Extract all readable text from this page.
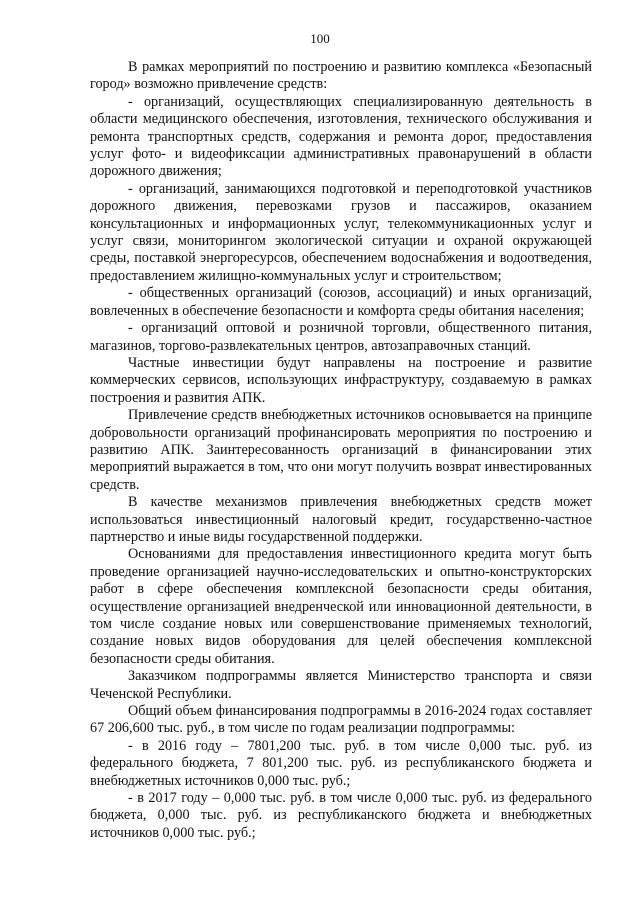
100

В рамках мероприятий по построению и развитию комплекса «Безопасный город» возможно привлечение средств:

- организаций, осуществляющих специализированную деятельность в области медицинского обеспечения, изготовления, технического обслуживания и ремонта транспортных средств, содержания и ремонта дорог, предоставления услуг фото- и видеофиксации административных правонарушений в области дорожного движения;

- организаций, занимающихся подготовкой и переподготовкой участников дорожного движения, перевозками грузов и пассажиров, оказанием консультационных и информационных услуг, телекоммуникационных услуг и услуг связи, мониторингом экологической ситуации и охраной окружающей среды, поставкой энергоресурсов, обеспечением водоснабжения и водоотведения, предоставлением жилищно-коммунальных услуг и строительством;

- общественных организаций (союзов, ассоциаций) и иных организаций, вовлеченных в обеспечение безопасности и комфорта среды обитания населения;

- организаций оптовой и розничной торговли, общественного питания, магазинов, торгово-развлекательных центров, автозаправочных станций.

Частные инвестиции будут направлены на построение и развитие коммерческих сервисов, использующих инфраструктуру, создаваемую в рамках построения и развития АПК.

Привлечение средств внебюджетных источников основывается на принципе добровольности организаций профинансировать мероприятия по построению и развитию АПК. Заинтересованность организаций в финансировании этих мероприятий выражается в том, что они могут получить возврат инвестированных средств.

В качестве механизмов привлечения внебюджетных средств может использоваться инвестиционный налоговый кредит, государственно-частное партнерство и иные виды государственной поддержки.

Основаниями для предоставления инвестиционного кредита могут быть проведение организацией научно-исследовательских и опытно-конструкторских работ в сфере обеспечения комплексной безопасности среды обитания, осуществление организацией внедренческой или инновационной деятельности, в том числе создание новых или совершенствование применяемых технологий, создание новых видов оборудования для целей обеспечения комплексной безопасности среды обитания.

Заказчиком подпрограммы является Министерство транспорта и связи Чеченской Республики.

Общий объем финансирования подпрограммы в 2016-2024 годах составляет 67 206,600 тыс. руб., в том числе по годам реализации подпрограммы:

- в 2016 году – 7801,200 тыс. руб. в том числе 0,000 тыс. руб. из федерального бюджета, 7 801,200 тыс. руб. из республиканского бюджета и внебюджетных источников 0,000 тыс. руб.;

- в 2017 году – 0,000 тыс. руб. в том числе 0,000 тыс. руб. из федерального бюджета, 0,000 тыс. руб. из республиканского бюджета и внебюджетных источников 0,000 тыс. руб.;
